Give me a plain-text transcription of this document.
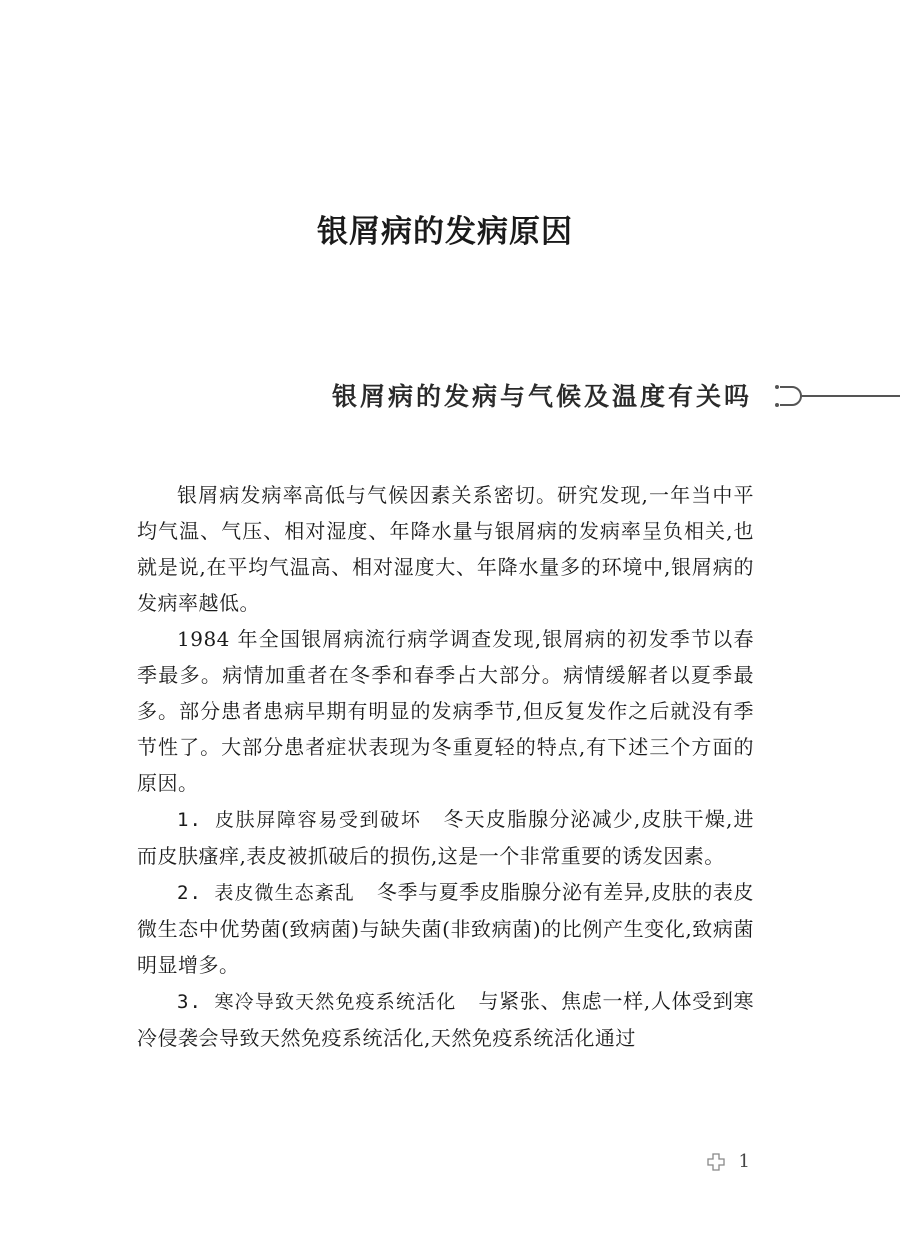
银屑病的发病原因
银屑病的发病与气候及温度有关吗

银屑病发病率高低与气候因素关系密切。研究发现,一年当中平均气温、气压、相对湿度、年降水量与银屑病的发病率呈负相关,也就是说,在平均气温高、相对湿度大、年降水量多的环境中,银屑病的发病率越低。

1984 年全国银屑病流行病学调查发现,银屑病的初发季节以春季最多。病情加重者在冬季和春季占大部分。病情缓解者以夏季最多。部分患者患病早期有明显的发病季节,但反复发作之后就没有季节性了。大部分患者症状表现为冬重夏轻的特点,有下述三个方面的原因。

1. 皮肤屏障容易受到破坏 冬天皮脂腺分泌减少,皮肤干燥,进而皮肤瘙痒,表皮被抓破后的损伤,这是一个非常重要的诱发因素。

2. 表皮微生态紊乱 冬季与夏季皮脂腺分泌有差异,皮肤的表皮微生态中优势菌(致病菌)与缺失菌(非致病菌)的比例产生变化,致病菌明显增多。

3. 寒冷导致天然免疫系统活化 与紧张、焦虑一样,人体受到寒冷侵袭会导致天然免疫系统活化,天然免疫系统活化通过

1
